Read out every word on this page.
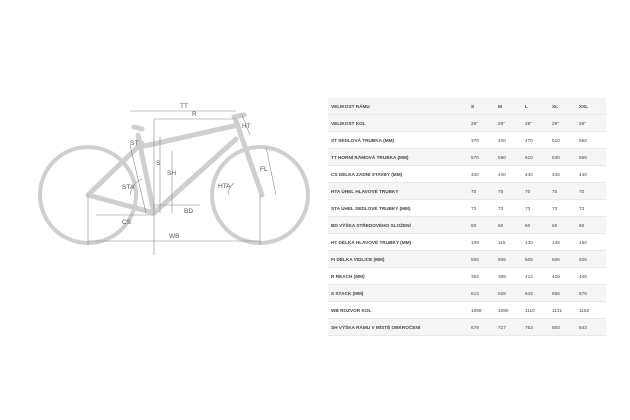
TT
R
HT
ST
S
SH
STA	HTA
FL
CS
BD
WB
VELIKOST RÁMU	S	M	L	XL	XXL
VELIKOST KOL	29"	29"	29"	29"	29"
ST SEDLOVÁ TRUBKA (MM)	370	430	470	510	560
TT HORNÍ RÁMOVÁ TRUBKA (MM)	570	590	610	630	650
CS DÉLKA ZADNÍ STAVBY (MM)	440	440	440	440	440
HTA ÚHEL HLAVOVÉ TRUBKY	70	70	70	70	70
STA ÚHEL SEDLOVÉ TRUBKY (MM)	73	73	73	73	73
BD VÝŠKA STŘEDOVÉHO SLOŽENÍ	60	60	60	60	60
HT DÉLKA HLAVOVÉ TRUBKY (MM)	100	115	130	145	160
FI DÉLKA VIDLICE (MM)	506	506	506	506	506
R REACH (MM)	362	398	414	429	445
S STACK (MM)	614	628	642	656	670
WB ROZVOR KOL	1069	1090	1110	1131	1152
SH VÝŠKA RÁMU V MÍSTĚ OBKROČENÍ	679	727	763	800	843
